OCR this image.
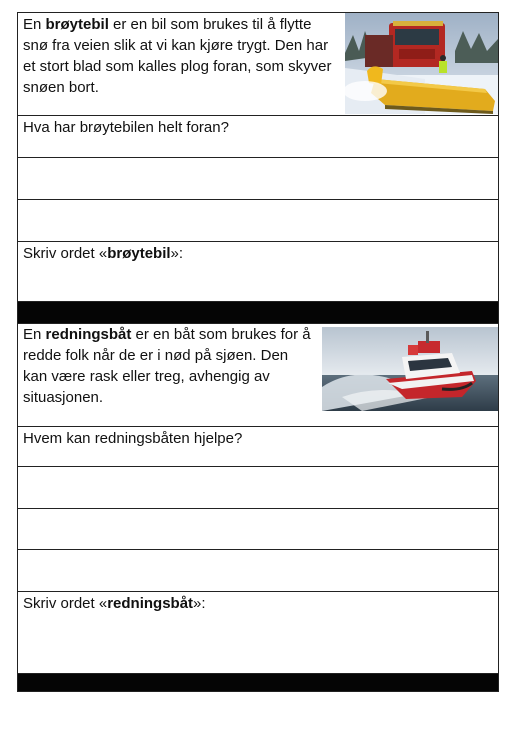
En brøytebil er en bil som brukes til å flytte snø fra veien slik at vi kan kjøre trygt. Den har et stort blad som kalles plog foran, som skyver snøen bort.
Hva har brøytebilen helt foran?
Skriv ordet «brøytebil»:
En redningsbåt er en båt som brukes for å redde folk når de er i nød på sjøen. Den kan være rask eller treg, avhengig av situasjonen.
Hvem kan redningsbåten hjelpe?
Skriv ordet «redningsbåt»:
